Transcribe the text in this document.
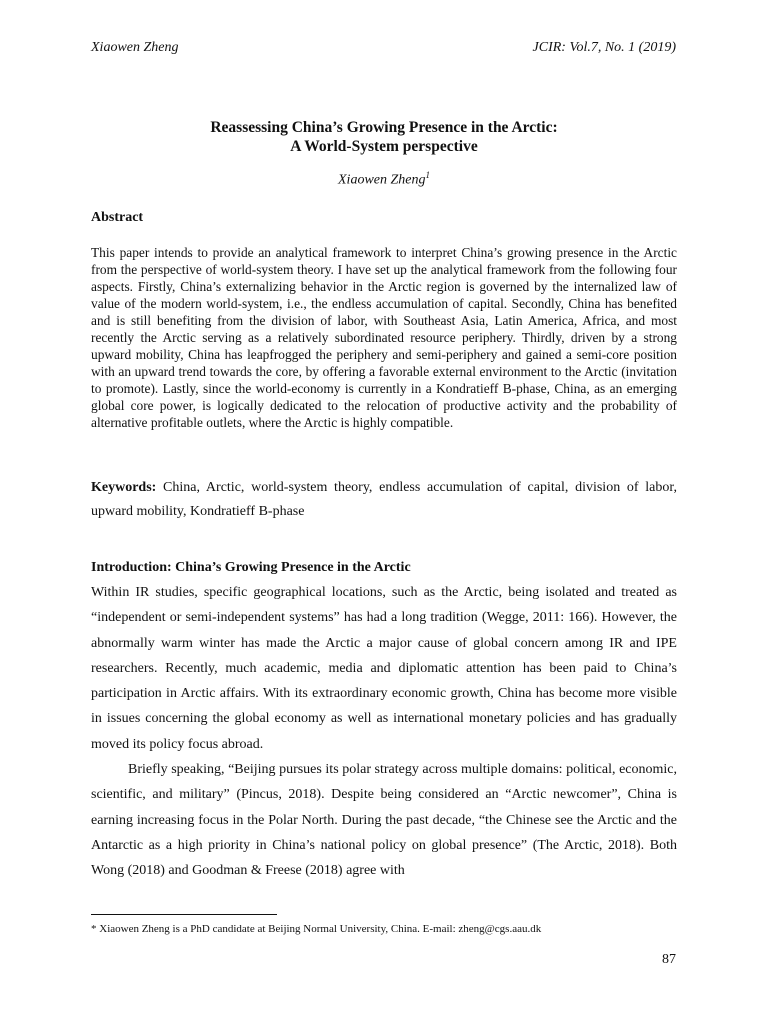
Xiaowen Zheng	JCIR: Vol.7, No. 1 (2019)
Reassessing China’s Growing Presence in the Arctic:
A World-System perspective
Xiaowen Zheng$^1$
Abstract
This paper intends to provide an analytical framework to interpret China’s growing presence in the Arctic from the perspective of world-system theory. I have set up the analytical framework from the following four aspects. Firstly, China’s externalizing behavior in the Arctic region is governed by the internalized law of value of the modern world-system, i.e., the endless accumulation of capital. Secondly, China has benefited and is still benefiting from the division of labor, with Southeast Asia, Latin America, Africa, and most recently the Arctic serving as a relatively subordinated resource periphery. Thirdly, driven by a strong upward mobility, China has leapfrogged the periphery and semi-periphery and gained a semi-core position with an upward trend towards the core, by offering a favorable external environment to the Arctic (invitation to promote). Lastly, since the world-economy is currently in a Kondratieff B-phase, China, as an emerging global core power, is logically dedicated to the relocation of productive activity and the probability of alternative profitable outlets, where the Arctic is highly compatible.
Keywords: China, Arctic, world-system theory, endless accumulation of capital, division of labor, upward mobility, Kondratieff B-phase
Introduction: China’s Growing Presence in the Arctic

Within IR studies, specific geographical locations, such as the Arctic, being isolated and treated as “independent or semi-independent systems” has had a long tradition (Wegge, 2011: 166). However, the abnormally warm winter has made the Arctic a major cause of global concern among IR and IPE researchers. Recently, much academic, media and diplomatic attention has been paid to China’s participation in Arctic affairs. With its extraordinary economic growth, China has become more visible in issues concerning the global economy as well as international monetary policies and has gradually moved its policy focus abroad.

Briefly speaking, “Beijing pursues its polar strategy across multiple domains: political, economic, scientific, and military” (Pincus, 2018). Despite being considered an “Arctic newcomer”, China is earning increasing focus in the Polar North. During the past decade, “the Chinese see the Arctic and the Antarctic as a high priority in China’s national policy on global presence” (The Arctic, 2018). Both Wong (2018) and Goodman & Freese (2018) agree with

* Xiaowen Zheng is a PhD candidate at Beijing Normal University, China. E-mail: zheng@cgs.aau.dk
87
